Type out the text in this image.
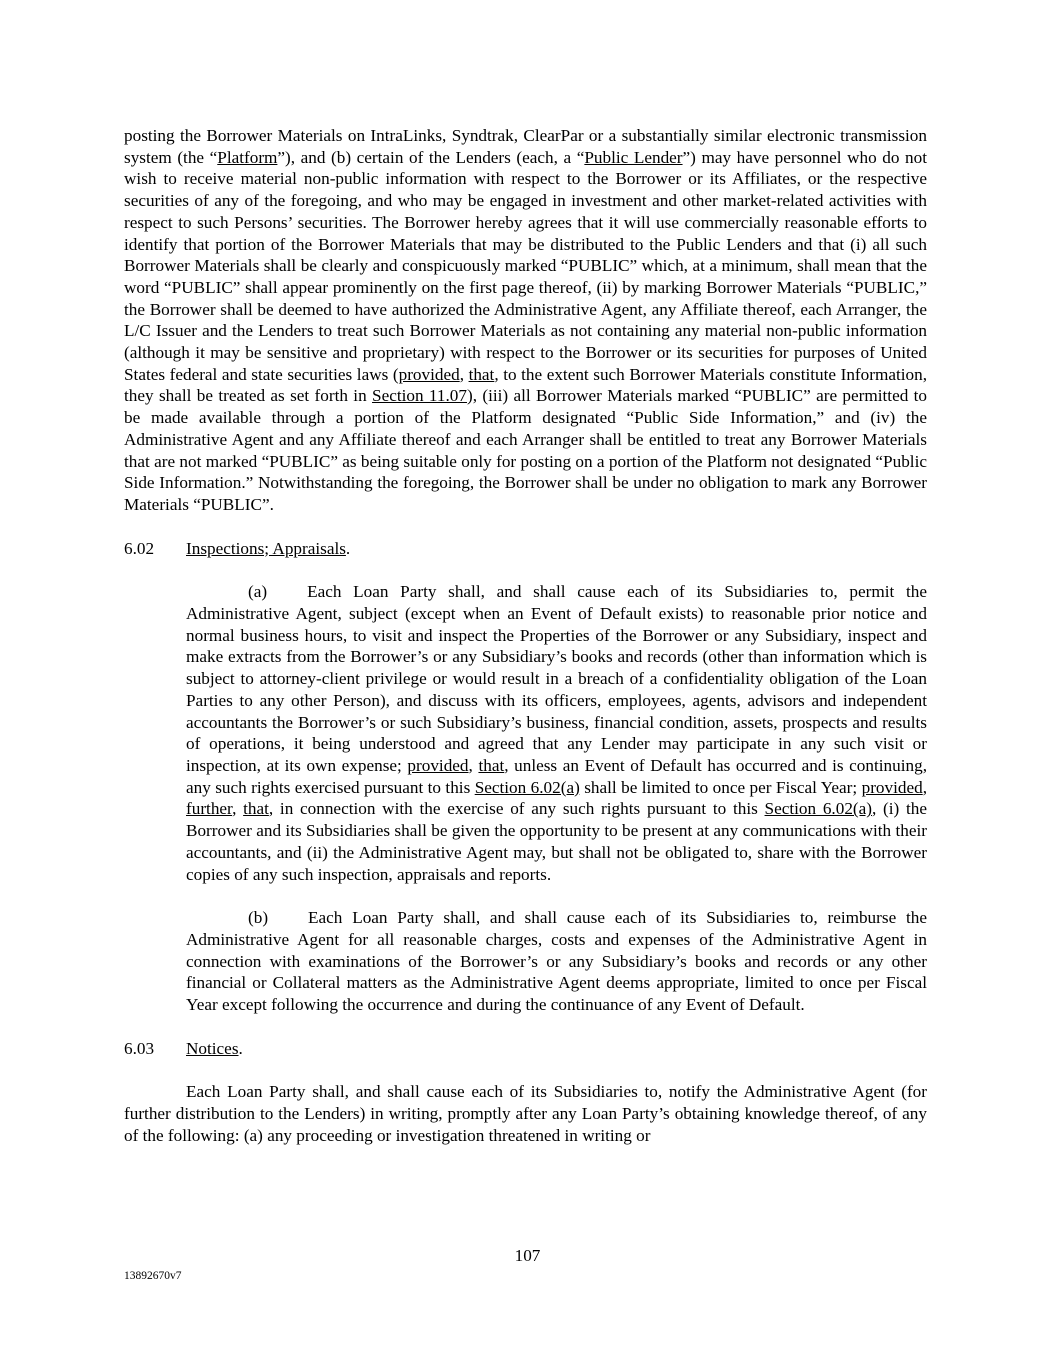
posting the Borrower Materials on IntraLinks, Syndtrak, ClearPar or a substantially similar electronic transmission system (the “Platform”), and (b) certain of the Lenders (each, a “Public Lender”) may have personnel who do not wish to receive material non-public information with respect to the Borrower or its Affiliates, or the respective securities of any of the foregoing, and who may be engaged in investment and other market-related activities with respect to such Persons’ securities. The Borrower hereby agrees that it will use commercially reasonable efforts to identify that portion of the Borrower Materials that may be distributed to the Public Lenders and that (i) all such Borrower Materials shall be clearly and conspicuously marked “PUBLIC” which, at a minimum, shall mean that the word “PUBLIC” shall appear prominently on the first page thereof, (ii) by marking Borrower Materials “PUBLIC,” the Borrower shall be deemed to have authorized the Administrative Agent, any Affiliate thereof, each Arranger, the L/C Issuer and the Lenders to treat such Borrower Materials as not containing any material non-public information (although it may be sensitive and proprietary) with respect to the Borrower or its securities for purposes of United States federal and state securities laws (provided, that, to the extent such Borrower Materials constitute Information, they shall be treated as set forth in Section 11.07), (iii) all Borrower Materials marked “PUBLIC” are permitted to be made available through a portion of the Platform designated “Public Side Information,” and (iv) the Administrative Agent and any Affiliate thereof and each Arranger shall be entitled to treat any Borrower Materials that are not marked “PUBLIC” as being suitable only for posting on a portion of the Platform not designated “Public Side Information.” Notwithstanding the foregoing, the Borrower shall be under no obligation to mark any Borrower Materials “PUBLIC”.

6.02	Inspections; Appraisals.

(a) Each Loan Party shall, and shall cause each of its Subsidiaries to, permit the Administrative Agent, subject (except when an Event of Default exists) to reasonable prior notice and normal business hours, to visit and inspect the Properties of the Borrower or any Subsidiary, inspect and make extracts from the Borrower’s or any Subsidiary’s books and records (other than information which is subject to attorney-client privilege or would result in a breach of a confidentiality obligation of the Loan Parties to any other Person), and discuss with its officers, employees, agents, advisors and independent accountants the Borrower’s or such Subsidiary’s business, financial condition, assets, prospects and results of operations, it being understood and agreed that any Lender may participate in any such visit or inspection, at its own expense; provided, that, unless an Event of Default has occurred and is continuing, any such rights exercised pursuant to this Section 6.02(a) shall be limited to once per Fiscal Year; provided, further, that, in connection with the exercise of any such rights pursuant to this Section 6.02(a), (i) the Borrower and its Subsidiaries shall be given the opportunity to be present at any communications with their accountants, and (ii) the Administrative Agent may, but shall not be obligated to, share with the Borrower copies of any such inspection, appraisals and reports.

(b) Each Loan Party shall, and shall cause each of its Subsidiaries to, reimburse the Administrative Agent for all reasonable charges, costs and expenses of the Administrative Agent in connection with examinations of the Borrower’s or any Subsidiary’s books and records or any other financial or Collateral matters as the Administrative Agent deems appropriate, limited to once per Fiscal Year except following the occurrence and during the continuance of any Event of Default.

6.03	Notices.

Each Loan Party shall, and shall cause each of its Subsidiaries to, notify the Administrative Agent (for further distribution to the Lenders) in writing, promptly after any Loan Party’s obtaining knowledge thereof, of any of the following: (a) any proceeding or investigation threatened in writing or

107
13892670v7
